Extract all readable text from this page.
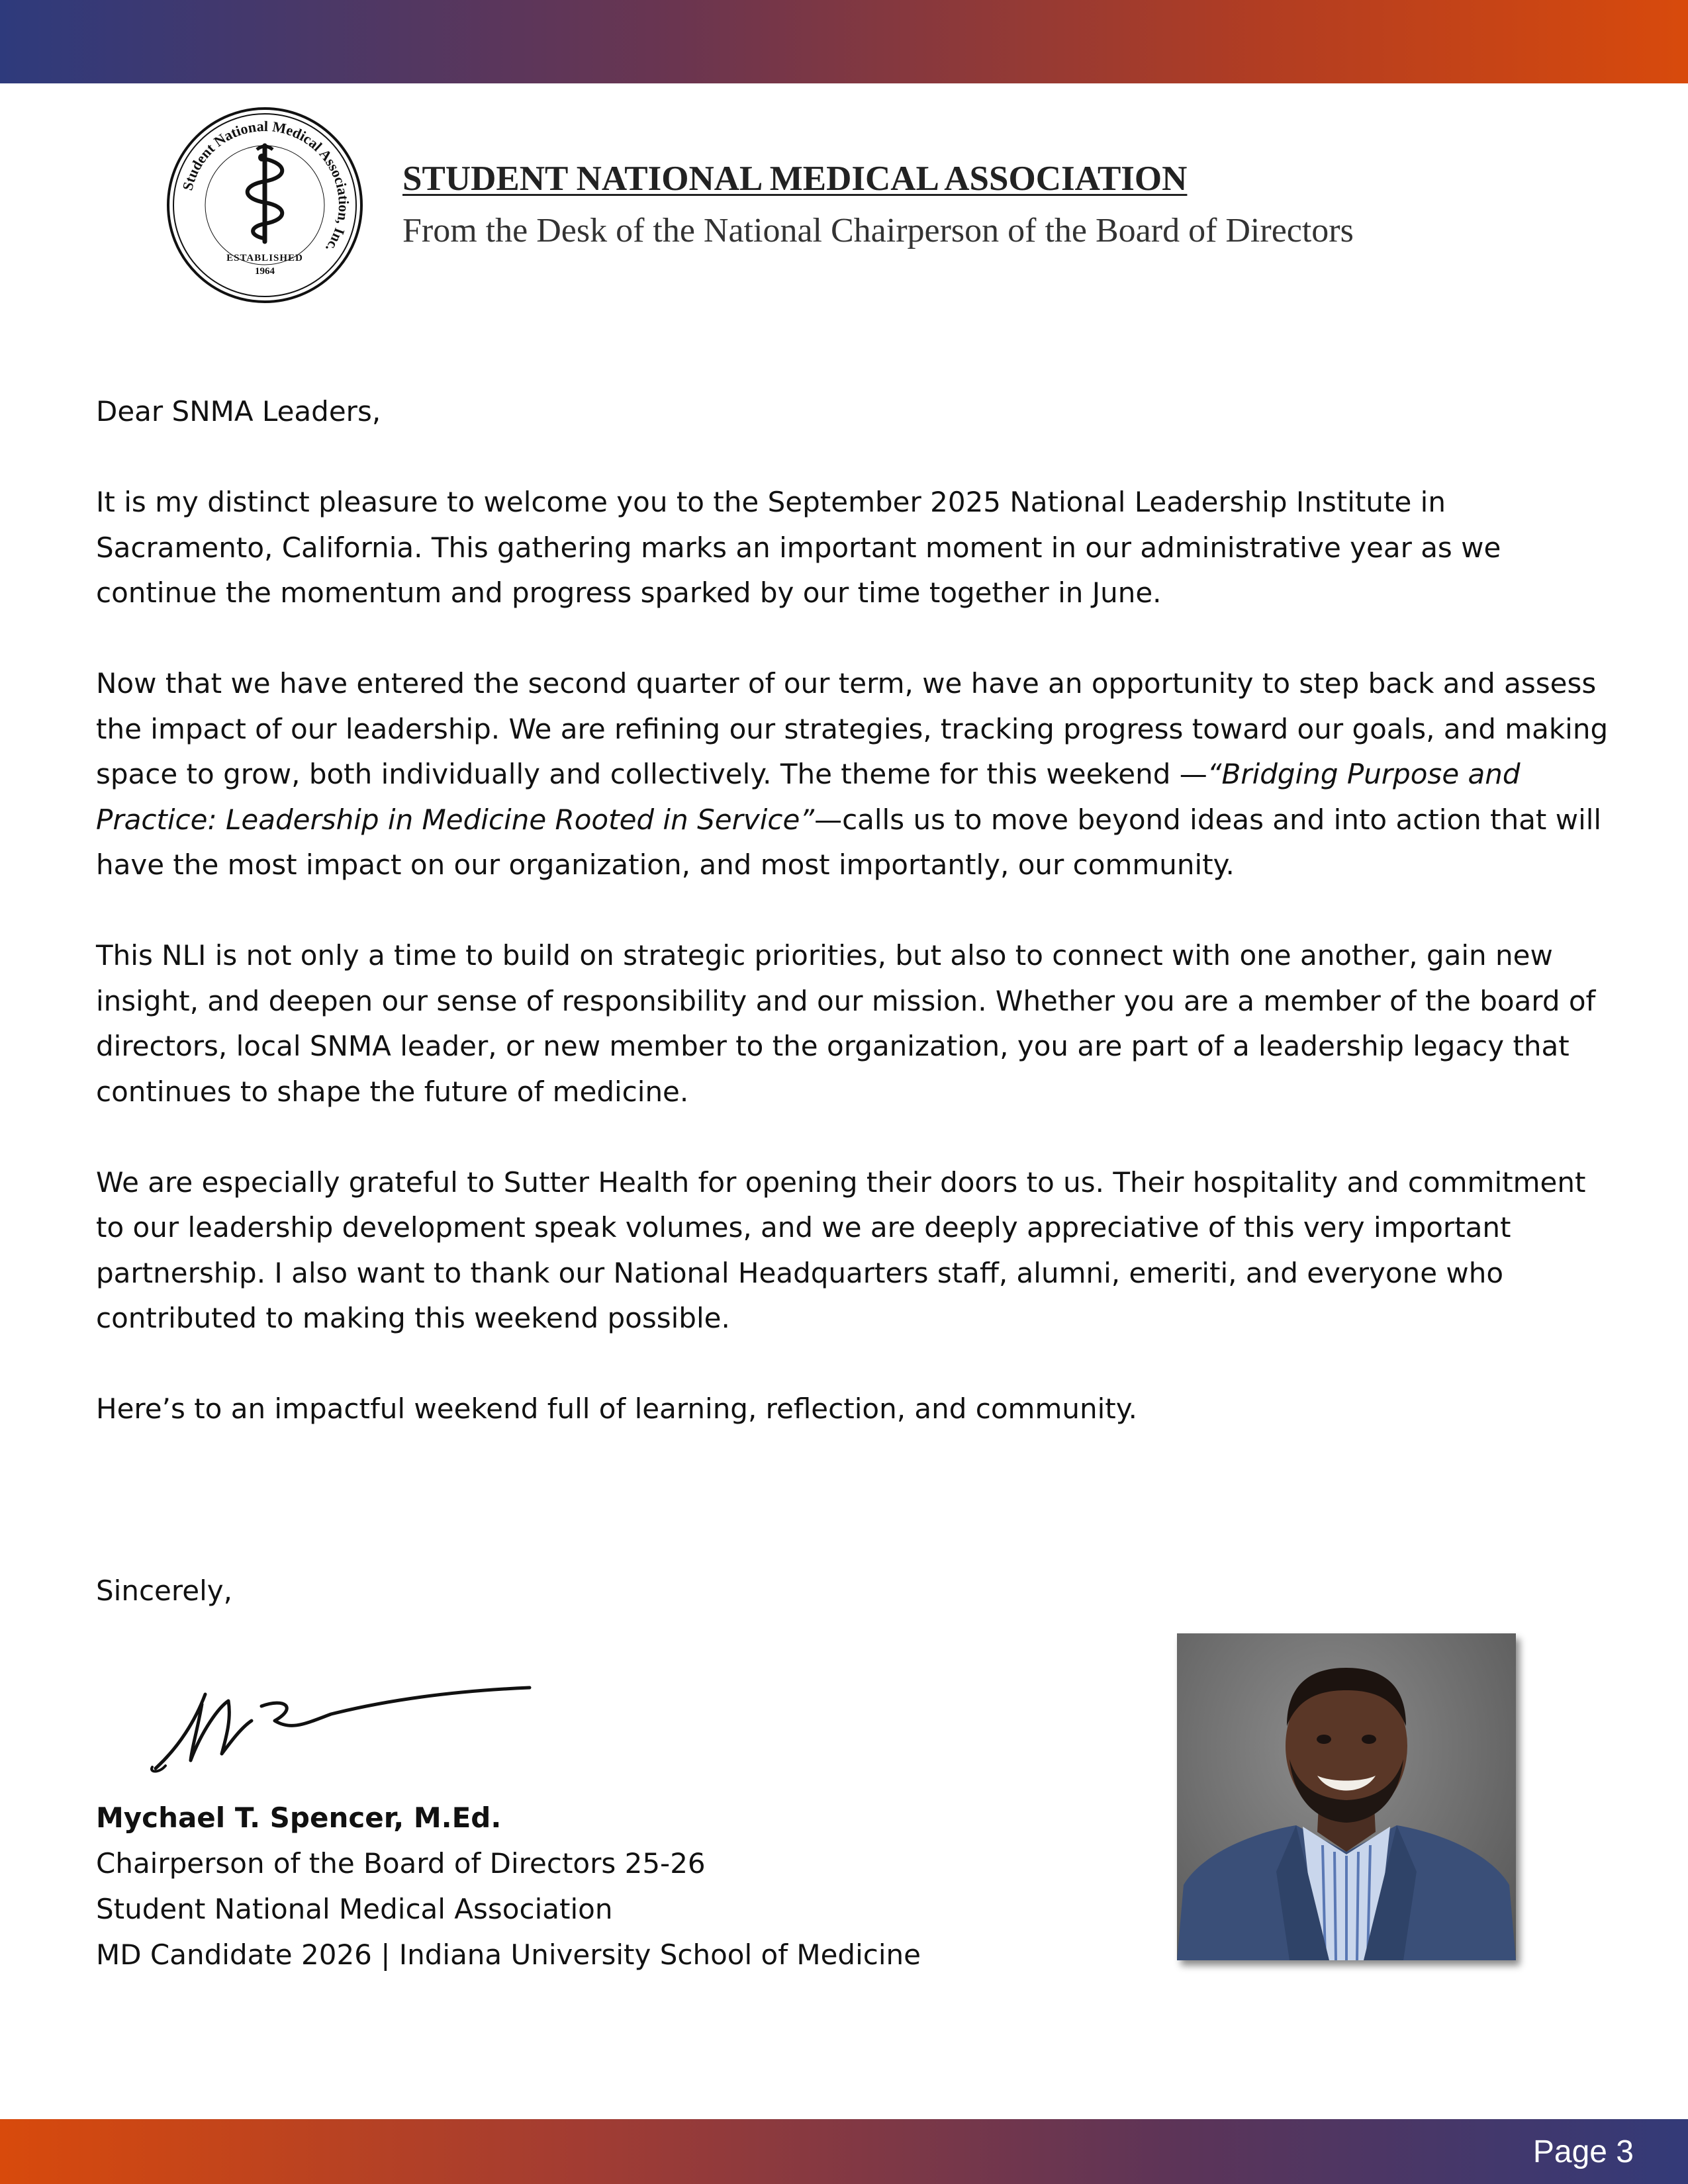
Student National Medical Association, Inc.
ESTABLISHED
1964
STUDENT NATIONAL MEDICAL ASSOCIATION
From the Desk of the National Chairperson of the Board of Directors

Dear SNMA Leaders,

It is my distinct pleasure to welcome you to the September 2025 National Leadership Institute in Sacramento, California. This gathering marks an important moment in our administrative year as we continue the momentum and progress sparked by our time together in June.

Now that we have entered the second quarter of our term, we have an opportunity to step back and assess the impact of our leadership. We are refining our strategies, tracking progress toward our goals, and making space to grow, both individually and collectively. The theme for this weekend —“Bridging Purpose and Practice: Leadership in Medicine Rooted in Service”—calls us to move beyond ideas and into action that will have the most impact on our organization, and most importantly, our community.

This NLI is not only a time to build on strategic priorities, but also to connect with one another, gain new insight, and deepen our sense of responsibility and our mission. Whether you are a member of the board of directors, local SNMA leader, or new member to the organization, you are part of a leadership legacy that continues to shape the future of medicine.

We are especially grateful to Sutter Health for opening their doors to us. Their hospitality and commitment to our leadership development speak volumes, and we are deeply appreciative of this very important partnership. I also want to thank our National Headquarters staff, alumni, emeriti, and everyone who contributed to making this weekend possible.

Here’s to an impactful weekend full of learning, reflection, and community.

Sincerely,
Mychael T. Spencer, M.Ed.
Chairperson of the Board of Directors 25-26
Student National Medical Association
MD Candidate 2026 | Indiana University School of Medicine
Page 3
